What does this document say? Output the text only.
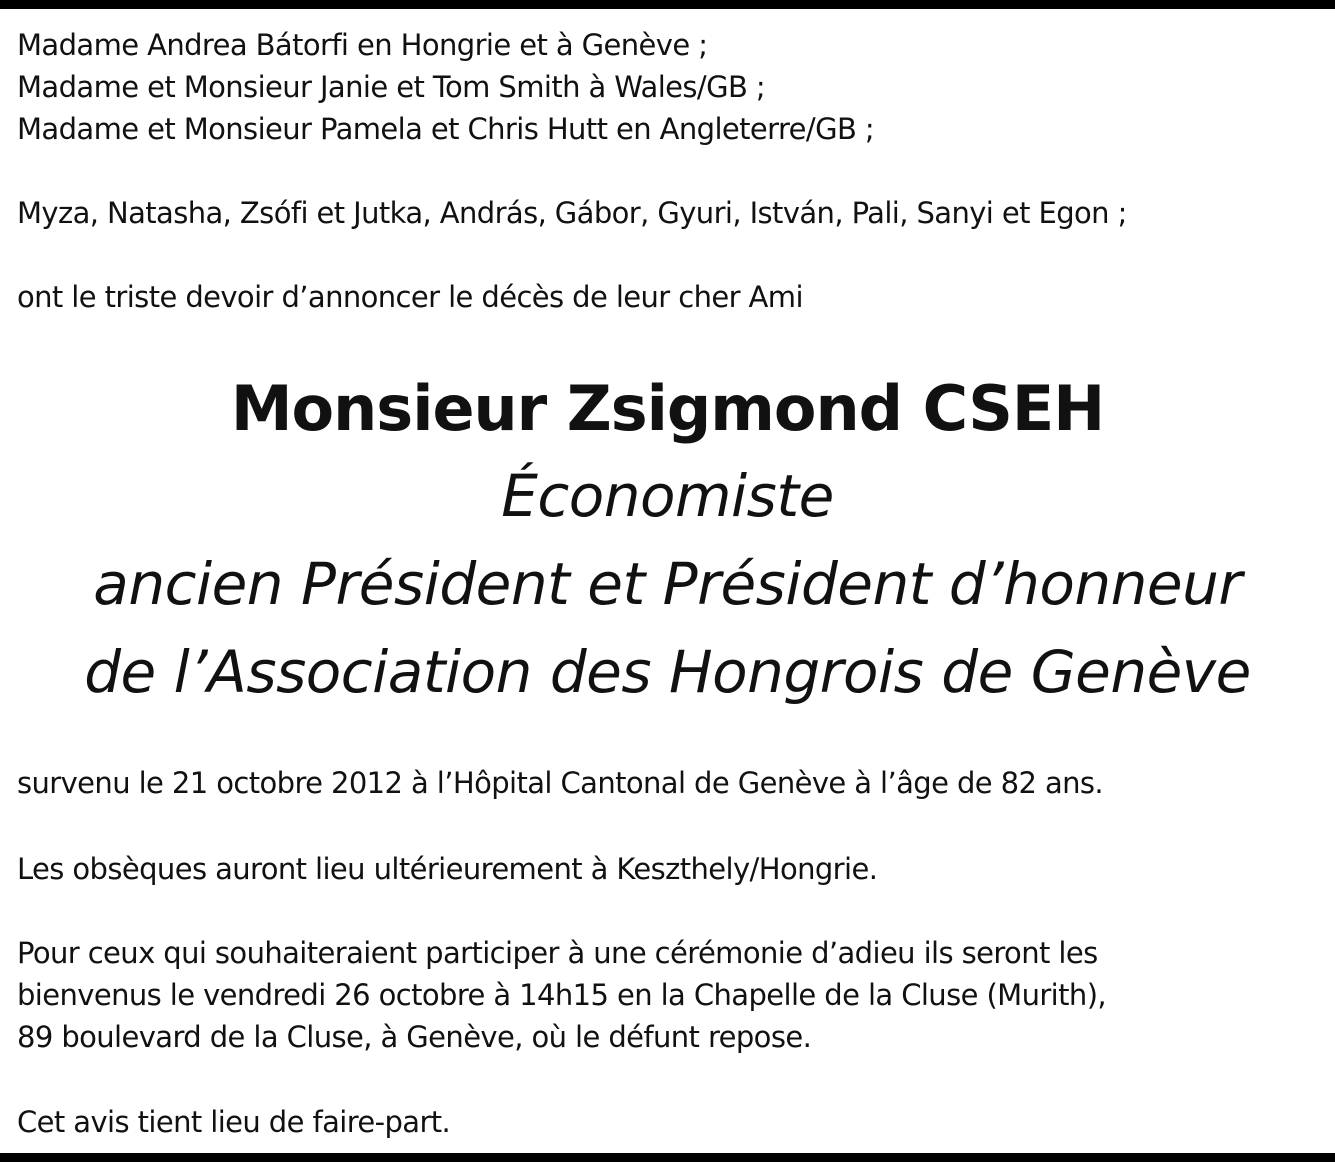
Madame Andrea Bátorfi en Hongrie et à Genève ;
Madame et Monsieur Janie et Tom Smith à Wales/GB ;
Madame et Monsieur Pamela et Chris Hutt en Angleterre/GB ;
Myza, Natasha, Zsófi et Jutka, András, Gábor, Gyuri, István, Pali, Sanyi et Egon ;
ont le triste devoir d’annoncer le décès de leur cher Ami
Monsieur Zsigmond CSEH
Économiste
ancien Président et Président d’honneur
de l’Association des Hongrois de Genève
survenu le 21 octobre 2012 à l’Hôpital Cantonal de Genève à l’âge de 82 ans.
Les obsèques auront lieu ultérieurement à Keszthely/Hongrie.
Pour ceux qui souhaiteraient participer à une cérémonie d’adieu ils seront les
bienvenus le vendredi 26 octobre à 14h15 en la Chapelle de la Cluse (Murith),
89 boulevard de la Cluse, à Genève, où le défunt repose.
Cet avis tient lieu de faire-part.
